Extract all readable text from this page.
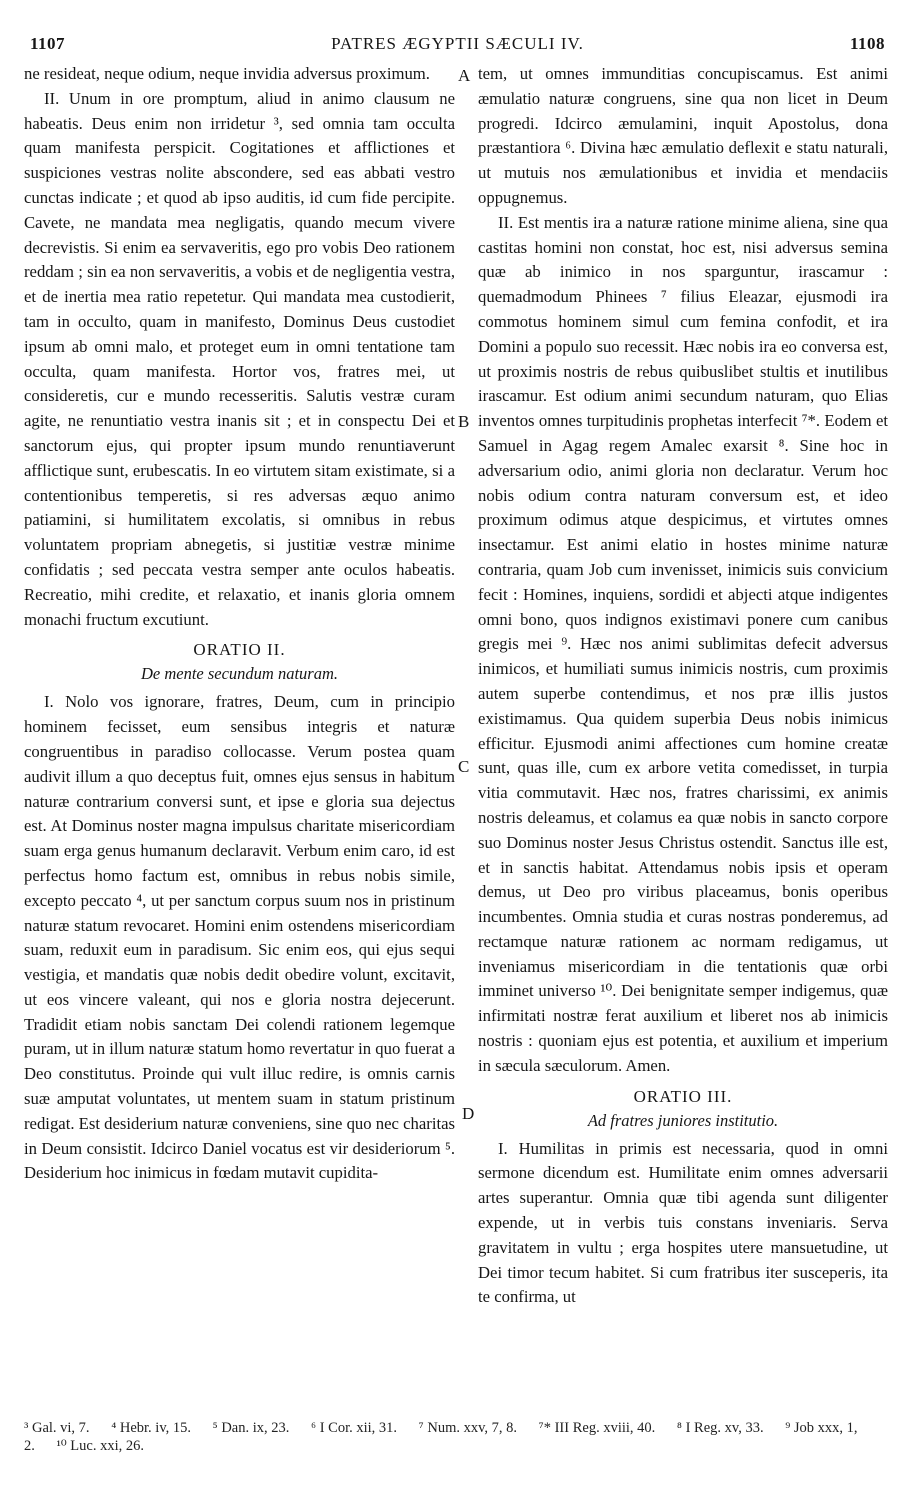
1107	PATRES ÆGYPTII SÆCULI IV.	1108
A
B
C
D

ne resideat, neque odium, neque invidia adversus proximum.

II. Unum in ore promptum, aliud in animo clausum ne habeatis. Deus enim non irridetur ³, sed omnia tam occulta quam manifesta perspicit. Cogitationes et afflictiones et suspiciones vestras nolite abscondere, sed eas abbati vestro cunctas indicate ; et quod ab ipso auditis, id cum fide percipite. Cavete, ne mandata mea negligatis, quando mecum vivere decrevistis. Si enim ea servaveritis, ego pro vobis Deo rationem reddam ; sin ea non servaveritis, a vobis et de negligentia vestra, et de inertia mea ratio repetetur. Qui mandata mea custodierit, tam in occulto, quam in manifesto, Dominus Deus custodiet ipsum ab omni malo, et proteget eum in omni tentatione tam occulta, quam manifesta. Hortor vos, fratres mei, ut consideretis, cur e mundo recesseritis. Salutis vestræ curam agite, ne renuntiatio vestra inanis sit ; et in conspectu Dei et sanctorum ejus, qui propter ipsum mundo renuntiaverunt afflictique sunt, erubescatis. In eo virtutem sitam existimate, si a contentionibus temperetis, si res adversas æquo animo patiamini, si humilitatem excolatis, si omnibus in rebus voluntatem propriam abnegetis, si justitiæ vestræ minime confidatis ; sed peccata vestra semper ante oculos habeatis. Recreatio, mihi credite, et relaxatio, et inanis gloria omnem monachi fructum excutiunt.

ORATIO II.
De mente secundum naturam.

I. Nolo vos ignorare, fratres, Deum, cum in principio hominem fecisset, eum sensibus integris et naturæ congruentibus in paradiso collocasse. Verum postea quam audivit illum a quo deceptus fuit, omnes ejus sensus in habitum naturæ contrarium conversi sunt, et ipse e gloria sua dejectus est. At Dominus noster magna impulsus charitate misericordiam suam erga genus humanum declaravit. Verbum enim caro, id est perfectus homo factum est, omnibus in rebus nobis simile, excepto peccato ⁴, ut per sanctum corpus suum nos in pristinum naturæ statum revocaret. Homini enim ostendens misericordiam suam, reduxit eum in paradisum. Sic enim eos, qui ejus sequi vestigia, et mandatis quæ nobis dedit obedire volunt, excitavit, ut eos vincere valeant, qui nos e gloria nostra dejecerunt. Tradidit etiam nobis sanctam Dei colendi rationem legemque puram, ut in illum naturæ statum homo revertatur in quo fuerat a Deo constitutus. Proinde qui vult illuc redire, is omnis carnis suæ amputat voluntates, ut mentem suam in statum pristinum redigat. Est desiderium naturæ conveniens, sine quo nec charitas in Deum consistit. Idcirco Daniel vocatus est vir desideriorum ⁵. Desiderium hoc inimicus in fœdam mutavit cupidita-

tem, ut omnes immunditias concupiscamus. Est animi æmulatio naturæ congruens, sine qua non licet in Deum progredi. Idcirco æmulamini, inquit Apostolus, dona præstantiora ⁶. Divina hæc æmulatio deflexit e statu naturali, ut mutuis nos æmulationibus et invidia et mendaciis oppugnemus.

II. Est mentis ira a naturæ ratione minime aliena, sine qua castitas homini non constat, hoc est, nisi adversus semina quæ ab inimico in nos sparguntur, irascamur : quemadmodum Phinees ⁷ filius Eleazar, ejusmodi ira commotus hominem simul cum femina confodit, et ira Domini a populo suo recessit. Hæc nobis ira eo conversa est, ut proximis nostris de rebus quibuslibet stultis et inutilibus irascamur. Est odium animi secundum naturam, quo Elias inventos omnes turpitudinis prophetas interfecit ⁷*. Eodem et Samuel in Agag regem Amalec exarsit ⁸. Sine hoc in adversarium odio, animi gloria non declaratur. Verum hoc nobis odium contra naturam conversum est, et ideo proximum odimus atque despicimus, et virtutes omnes insectamur. Est animi elatio in hostes minime naturæ contraria, quam Job cum invenisset, inimicis suis convicium fecit : Homines, inquiens, sordidi et abjecti atque indigentes omni bono, quos indignos existimavi ponere cum canibus gregis mei ⁹. Hæc nos animi sublimitas defecit adversus inimicos, et humiliati sumus inimicis nostris, cum proximis autem superbe contendimus, et nos præ illis justos existimamus. Qua quidem superbia Deus nobis inimicus efficitur. Ejusmodi animi affectiones cum homine creatæ sunt, quas ille, cum ex arbore vetita comedisset, in turpia vitia commutavit. Hæc nos, fratres charissimi, ex animis nostris deleamus, et colamus ea quæ nobis in sancto corpore suo Dominus noster Jesus Christus ostendit. Sanctus ille est, et in sanctis habitat. Attendamus nobis ipsis et operam demus, ut Deo pro viribus placeamus, bonis operibus incumbentes. Omnia studia et curas nostras ponderemus, ad rectamque naturæ rationem ac normam redigamus, ut inveniamus misericordiam in die tentationis quæ orbi imminet universo ¹⁰. Dei benignitate semper indigemus, quæ infirmitati nostræ ferat auxilium et liberet nos ab inimicis nostris : quoniam ejus est potentia, et auxilium et imperium in sæcula sæculorum. Amen.

ORATIO III.
Ad fratres juniores institutio.

I. Humilitas in primis est necessaria, quod in omni sermone dicendum est. Humilitate enim omnes adversarii artes superantur. Omnia quæ tibi agenda sunt diligenter expende, ut in verbis tuis constans inveniaris. Serva gravitatem in vultu ; erga hospites utere mansuetudine, ut Dei timor tecum habitet. Si cum fratribus iter susceperis, ita te confirma, ut

³ Gal. vi, 7. ⁴ Hebr. iv, 15. ⁵ Dan. ix, 23. ⁶ I Cor. xii, 31. ⁷ Num. xxv, 7, 8. ⁷* III Reg. xviii, 40. ⁸ I Reg. xv, 33. ⁹ Job xxx, 1, 2. ¹⁰ Luc. xxi, 26.
